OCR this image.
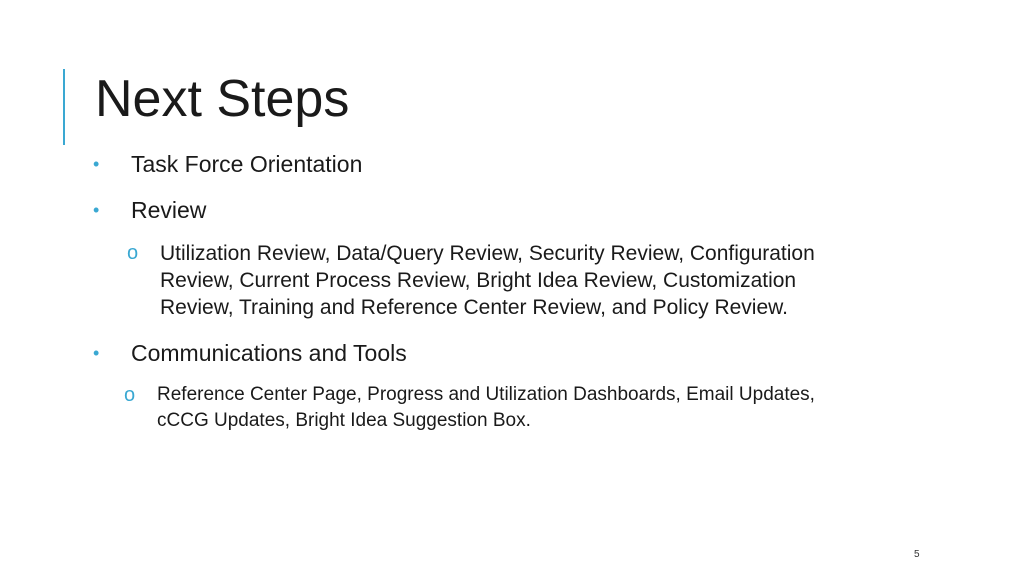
Next Steps
•	Task Force Orientation
•	Review
o	Utilization Review, Data/Query Review, Security Review, Configuration
Review, Current Process Review, Bright Idea Review, Customization
Review, Training and Reference Center Review, and Policy Review.
•	Communications and Tools
o	Reference Center Page, Progress and Utilization Dashboards, Email Updates,
cCCG Updates, Bright Idea Suggestion Box.
5
